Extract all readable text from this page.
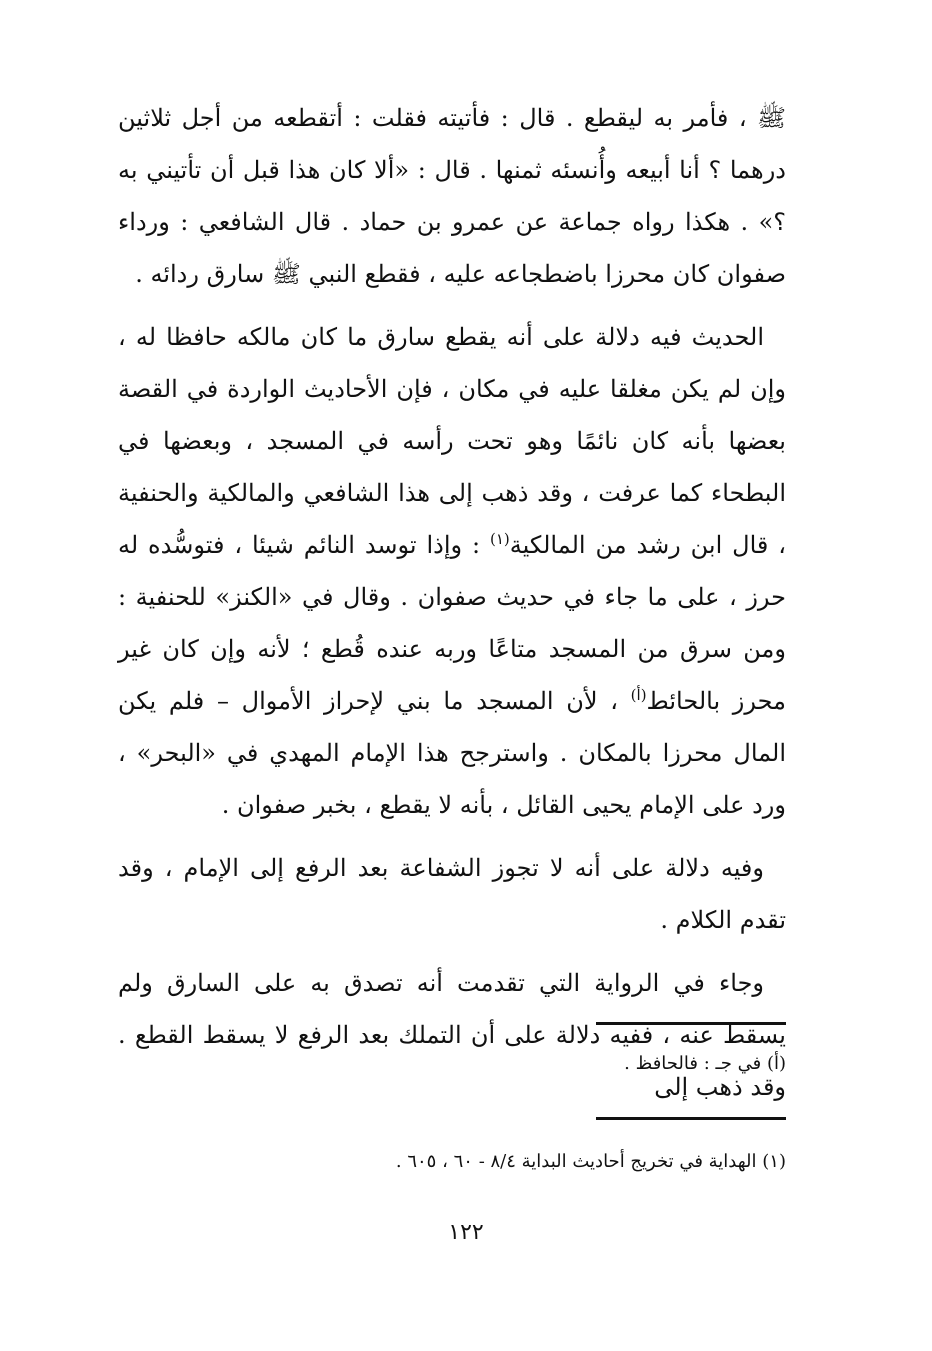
ﷺ ، فأمر به ليقطع . قال : فأتيته فقلت : أتقطعه من أجل ثلاثين درهما ؟ أنا أبيعه وأُنسئه ثمنها . قال : «ألا كان هذا قبل أن تأتيني به ؟» . هكذا رواه جماعة عن عمرو بن حماد . قال الشافعي : ورداء صفوان كان محرزا باضطجاعه عليه ، فقطع النبي ﷺ سارق ردائه .

الحديث فيه دلالة على أنه يقطع سارق ما كان مالكه حافظا له ، وإن لم يكن مغلقا عليه في مكان ، فإن الأحاديث الواردة في القصة بعضها بأنه كان نائمًا وهو تحت رأسه في المسجد ، وبعضها في البطحاء كما عرفت ، وقد ذهب إلى هذا الشافعي والمالكية والحنفية ، قال ابن رشد من المالكية$^{(١)}$ : وإذا توسد النائم شيئا ، فتوسُّده له حرز ، على ما جاء في حديث صفوان . وقال في «الكنز» للحنفية : ومن سرق من المسجد متاعًا وربه عنده قُطع ؛ لأنه وإن كان غير محرز بالحائط$^{(أ)}$ ، لأن المسجد ما بني لإحراز الأموال – فلم يكن المال محرزا بالمكان . واسترجح هذا الإمام المهدي في «البحر» ، ورد على الإمام يحيى القائل ، بأنه لا يقطع ، بخبر صفوان .

وفيه دلالة على أنه لا تجوز الشفاعة بعد الرفع إلى الإمام ، وقد تقدم الكلام .

وجاء في الرواية التي تقدمت أنه تصدق به على السارق ولم يسقط عنه ، ففيه دلالة على أن التملك بعد الرفع لا يسقط القطع . وقد ذهب إلى

(أ) في جـ : فالحافظ .

(١) الهداية في تخريج أحاديث البداية ٨/٤ - ٦٠ ، ٦٠٥ .

١٢٢
